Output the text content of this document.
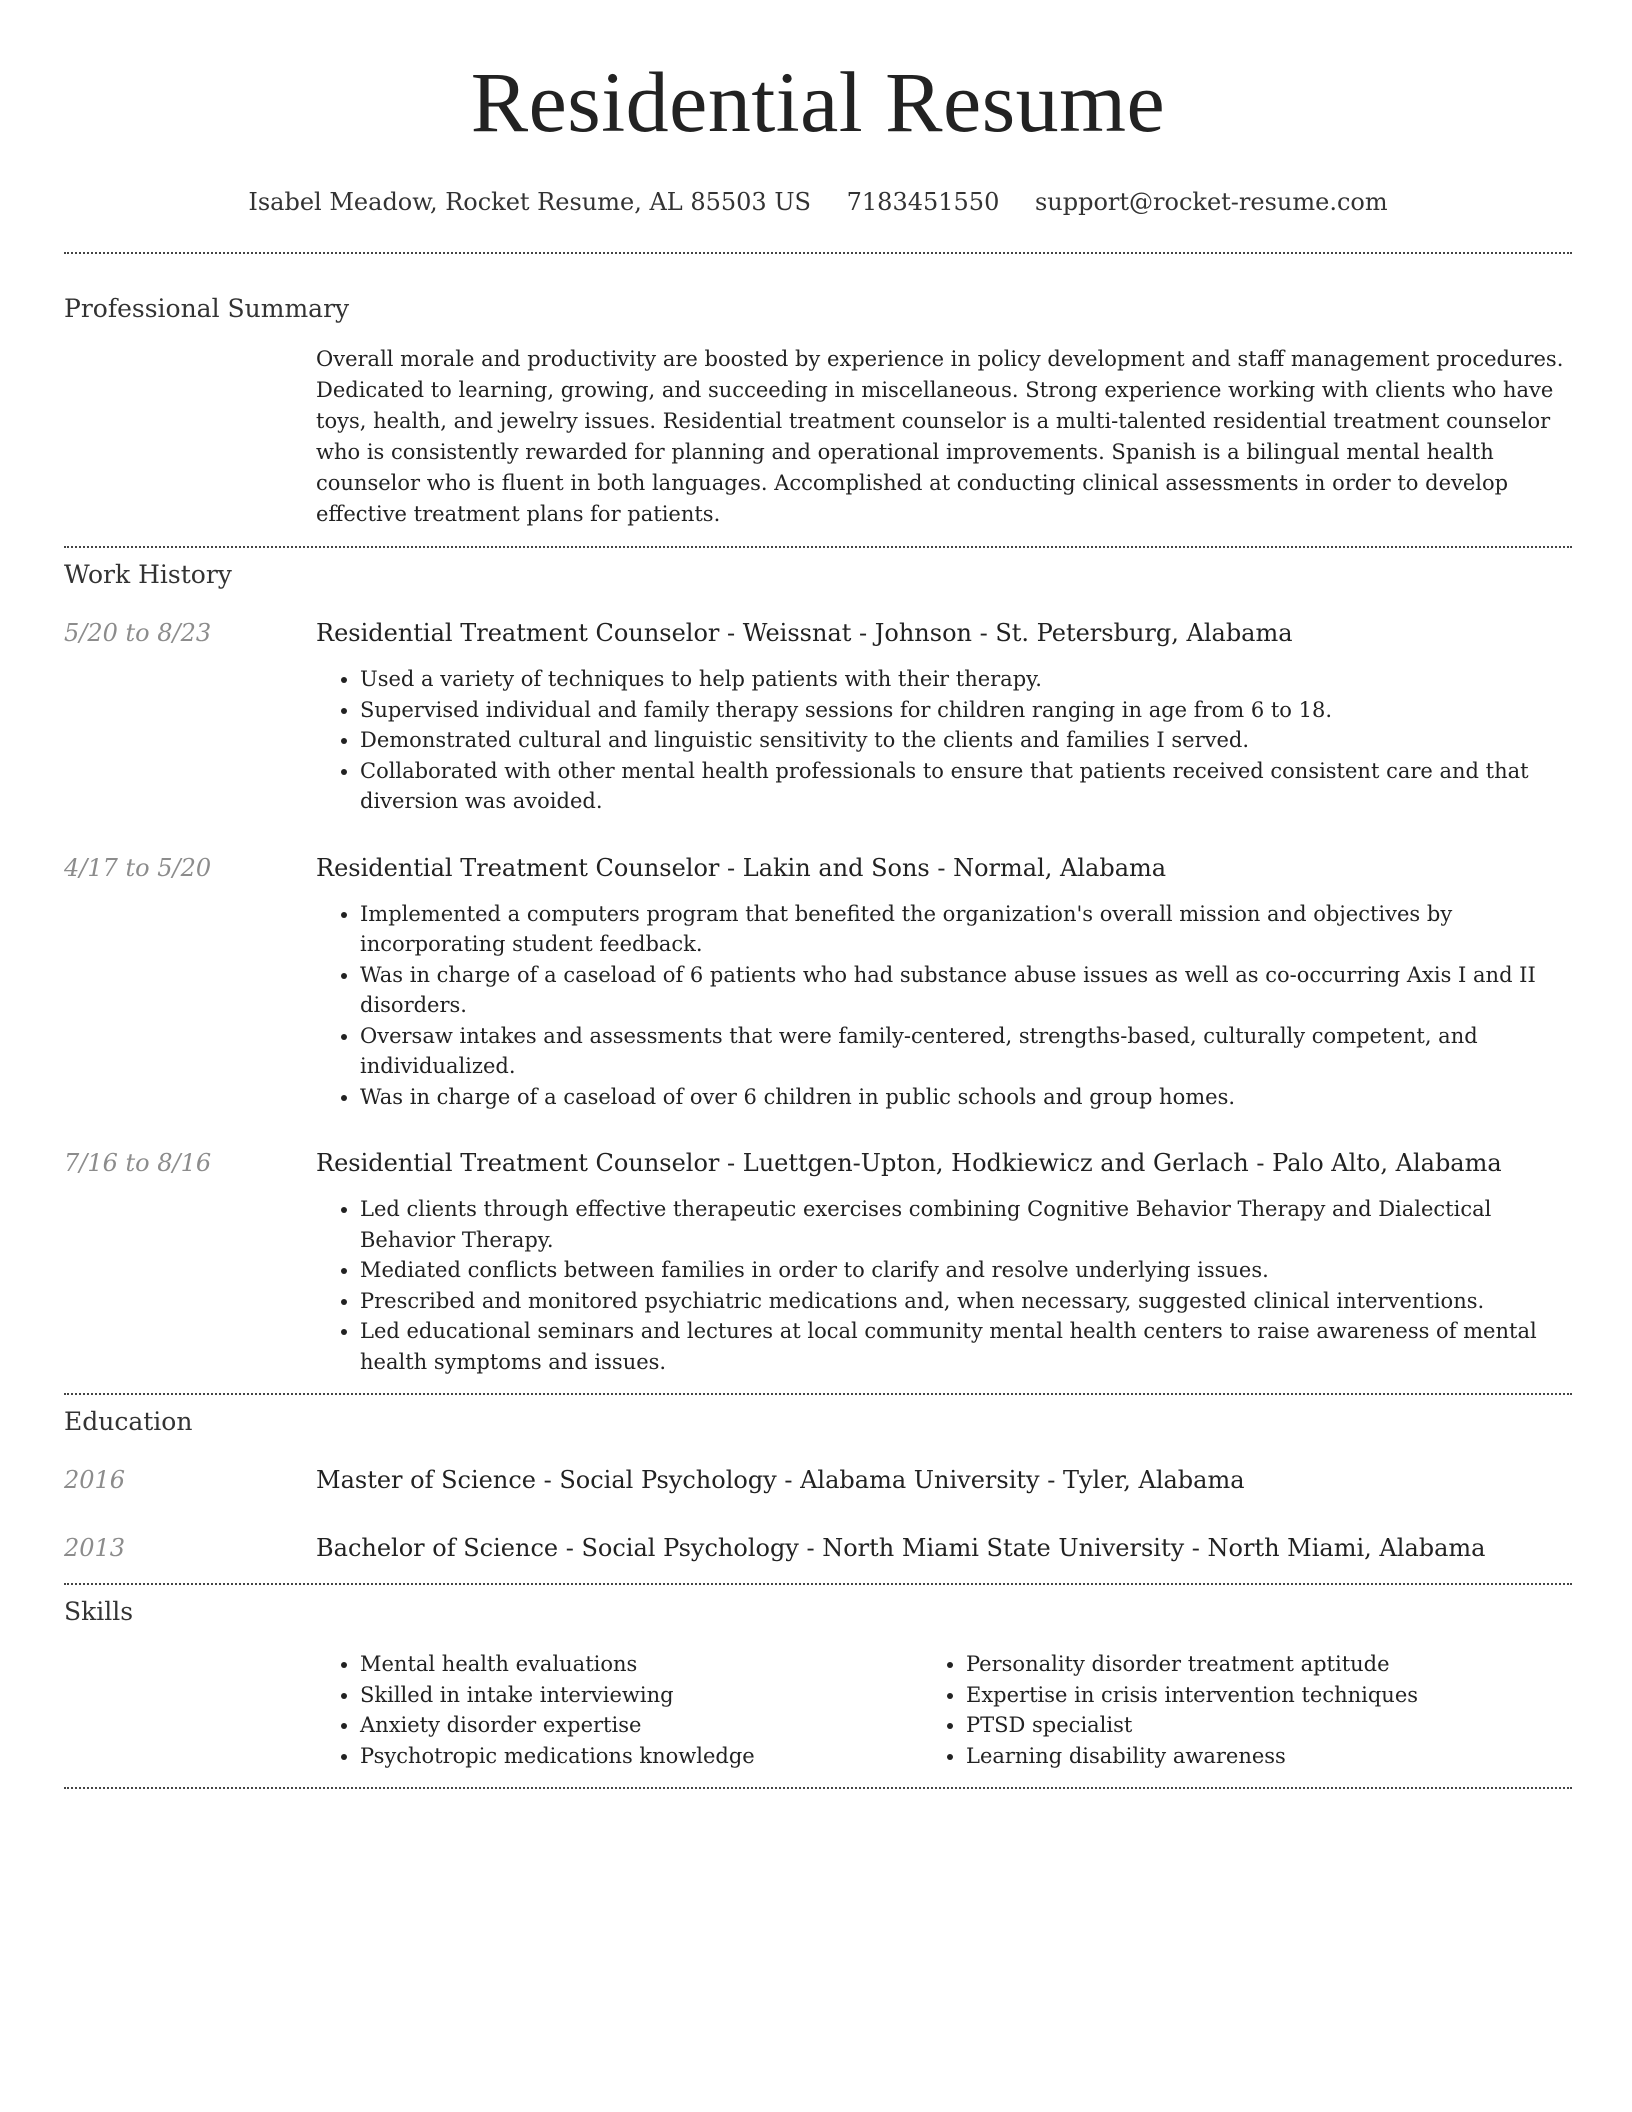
Residential Resume
Isabel Meadow, Rocket Resume, AL 85503 US 7183451550 support@rocket-resume.com
Professional Summary

Overall morale and productivity are boosted by experience in policy development and staff management procedures. Dedicated to learning, growing, and succeeding in miscellaneous. Strong experience working with clients who have toys, health, and jewelry issues. Residential treatment counselor is a multi-talented residential treatment counselor who is consistently rewarded for planning and operational improvements. Spanish is a bilingual mental health counselor who is fluent in both languages. Accomplished at conducting clinical assessments in order to develop effective treatment plans for patients.

Work History
5/20 to 8/23	Residential Treatment Counselor - Weissnat - Johnson - St. Petersburg, Alabama
• Used a variety of techniques to help patients with their therapy.
• Supervised individual and family therapy sessions for children ranging in age from 6 to 18.
• Demonstrated cultural and linguistic sensitivity to the clients and families I served.
• Collaborated with other mental health professionals to ensure that patients received consistent care and that diversion was avoided.
4/17 to 5/20	Residential Treatment Counselor - Lakin and Sons - Normal, Alabama
• Implemented a computers program that benefited the organization's overall mission and objectives by incorporating student feedback.
• Was in charge of a caseload of 6 patients who had substance abuse issues as well as co-occurring Axis I and II disorders.
• Oversaw intakes and assessments that were family-centered, strengths-based, culturally competent, and individualized.
• Was in charge of a caseload of over 6 children in public schools and group homes.
7/16 to 8/16	Residential Treatment Counselor - Luettgen-Upton, Hodkiewicz and Gerlach - Palo Alto, Alabama
• Led clients through effective therapeutic exercises combining Cognitive Behavior Therapy and Dialectical Behavior Therapy.
• Mediated conflicts between families in order to clarify and resolve underlying issues.
• Prescribed and monitored psychiatric medications and, when necessary, suggested clinical interventions.
• Led educational seminars and lectures at local community mental health centers to raise awareness of mental health symptoms and issues.
Education
2016	Master of Science - Social Psychology - Alabama University - Tyler, Alabama
2013	Bachelor of Science - Social Psychology - North Miami State University - North Miami, Alabama
Skills
• Mental health evaluations
• Skilled in intake interviewing
• Anxiety disorder expertise
• Psychotropic medications knowledge
• Personality disorder treatment aptitude
• Expertise in crisis intervention techniques
• PTSD specialist
• Learning disability awareness
